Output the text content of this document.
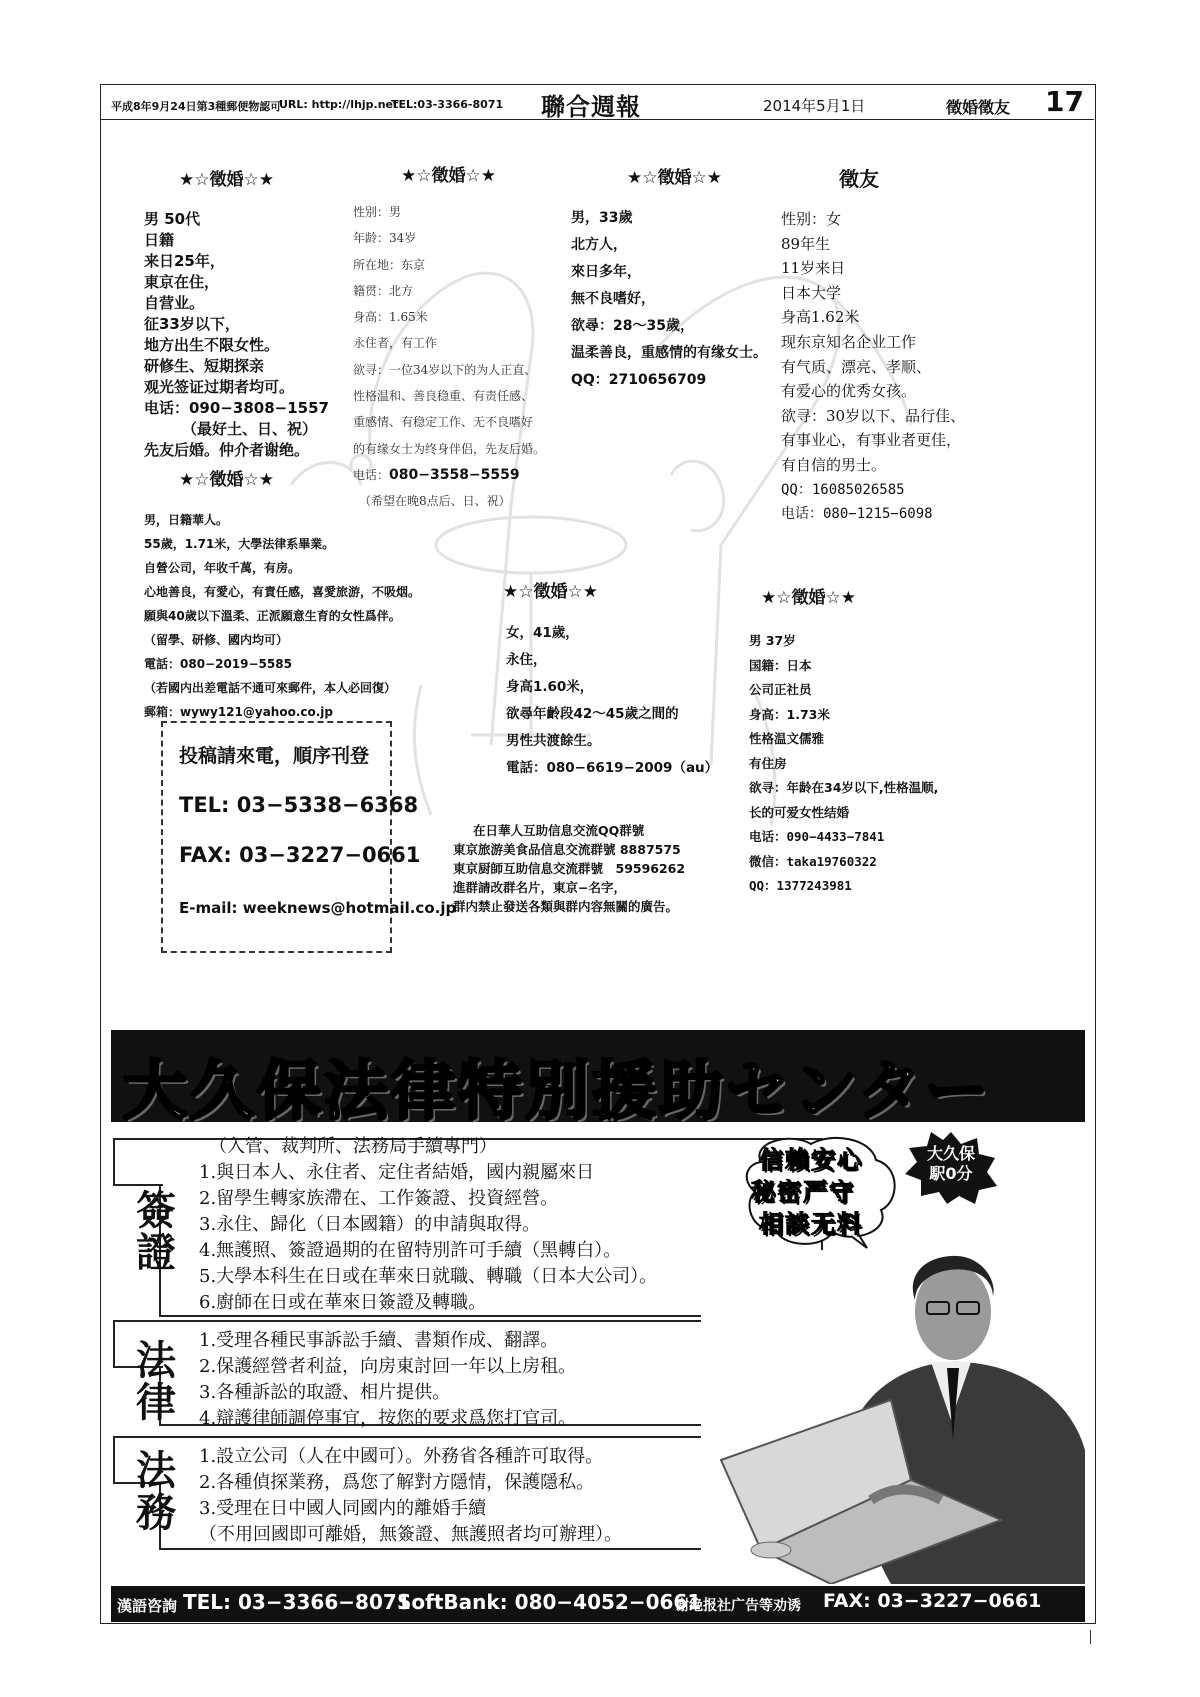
平成8年9月24日第3種郵便物認可
URL: http://lhjp.net
TEL:03-3366-8071 聯合週報	2014年5月1日	徵婚徵友 17
★☆徵婚☆★
男 50代
日籍
来日25年，
東京在住，
自营业。
征33岁以下，
地方出生不限女性。
研修生、短期探亲
观光签证过期者均可。
电话：090−3808−1557
（最好土、日、祝）
先友后婚。仲介者谢绝。
★☆徵婚☆★
性别：男
年龄：34岁
所在地：东京
籍贯：北方
身高：1.65米
永住者，有工作
欲寻：一位34岁以下的为人正直、
性格温和、善良稳重、有责任感、
重感情、有稳定工作、无不良嗜好
的有缘女士为终身伴侣，先友后婚。
电话：080−3558−5559
（希望在晚8点后、日、祝）
★☆徵婚☆★
男，33歲
北方人，
來日多年，
無不良嗜好，
欲尋：28～35歲，
温柔善良，重感情的有缘女士。
QQ：2710656709
徵友
性别：女
89年生
11岁来日
日本大学
身高1.62米
现东京知名企业工作
有气质、漂亮、孝顺、
有爱心的优秀女孩。
欲寻：30岁以下、品行佳、
有事业心，有事业者更佳，
有自信的男士。
QQ：16085026585
电话：080−1215−6098
★☆徵婚☆★
男，日籍華人。
55歲，1.71米，大學法律系畢業。
自營公司，年收千萬，有房。
心地善良，有愛心，有責任感，喜愛旅游，不吸烟。
願與40歲以下溫柔、正派願意生育的女性爲伴。
（留學、研修、國内均可）
電話：080−2019−5585
（若國内出差電話不通可來郵件，本人必回復）
郵箱：wywy121@yahoo.co.jp
★☆徵婚☆★
女，41歲，
永住，
身高1.60米，
欲尋年齡段42～45歲之間的
男性共渡餘生。
電話：080−6619−2009（au）
★☆徵婚☆★
男 37岁
国籍：日本
公司正社员
身高：1.73米
性格温文儒雅
有住房
欲寻：年龄在34岁以下,性格温顺,
长的可爱女性结婚
电话：090−4433−7841
微信：taka19760322
QQ：1377243981
投稿請來電，順序刊登
TEL: 03−5338−6368
FAX: 03−3227−0661
E-mail: weeknews@hotmail.co.jp
在日華人互助信息交流QQ群號
東京旅游美食品信息交流群號 8887575
東京厨師互助信息交流群號　59596262
進群請改群名片，東京−名字，
群内禁止發送各類與群内容無關的廣告。
大久保法律特別援助センター
（入管、裁判所、法務局手續專門）
1.與日本人、永住者、定住者結婚，國内親屬來日
2.留學生轉家族滯在、工作簽證、投資經營。
3.永住、歸化（日本國籍）的申請與取得。
4.無護照、簽證過期的在留特別許可手續（黑轉白）。
5.大學本科生在日或在華來日就職、轉職（日本大公司）。
6.廚師在日或在華來日簽證及轉職。
簽
證
1.受理各種民事訴訟手續、書類作成、翻譯。
2.保護經營者利益，向房東討回一年以上房租。
3.各種訴訟的取證、相片提供。
4.辯護律師調停事宜，按您的要求爲您打官司。
法
律
1.設立公司（人在中國可）。外務省各種許可取得。
2.各種偵探業務，爲您了解對方隱情，保護隱私。
3.受理在日中國人同國内的離婚手續
（不用回國即可離婚，無簽證、無護照者均可辦理）。
法
務
信賴安心
秘密严守
相談无料
大久保
駅0分
漢語咨詢 TEL: 03−3366−8071
SoftBank: 080−4052−0661
谢绝报社广告等劝诱 FAX: 03−3227−0661
